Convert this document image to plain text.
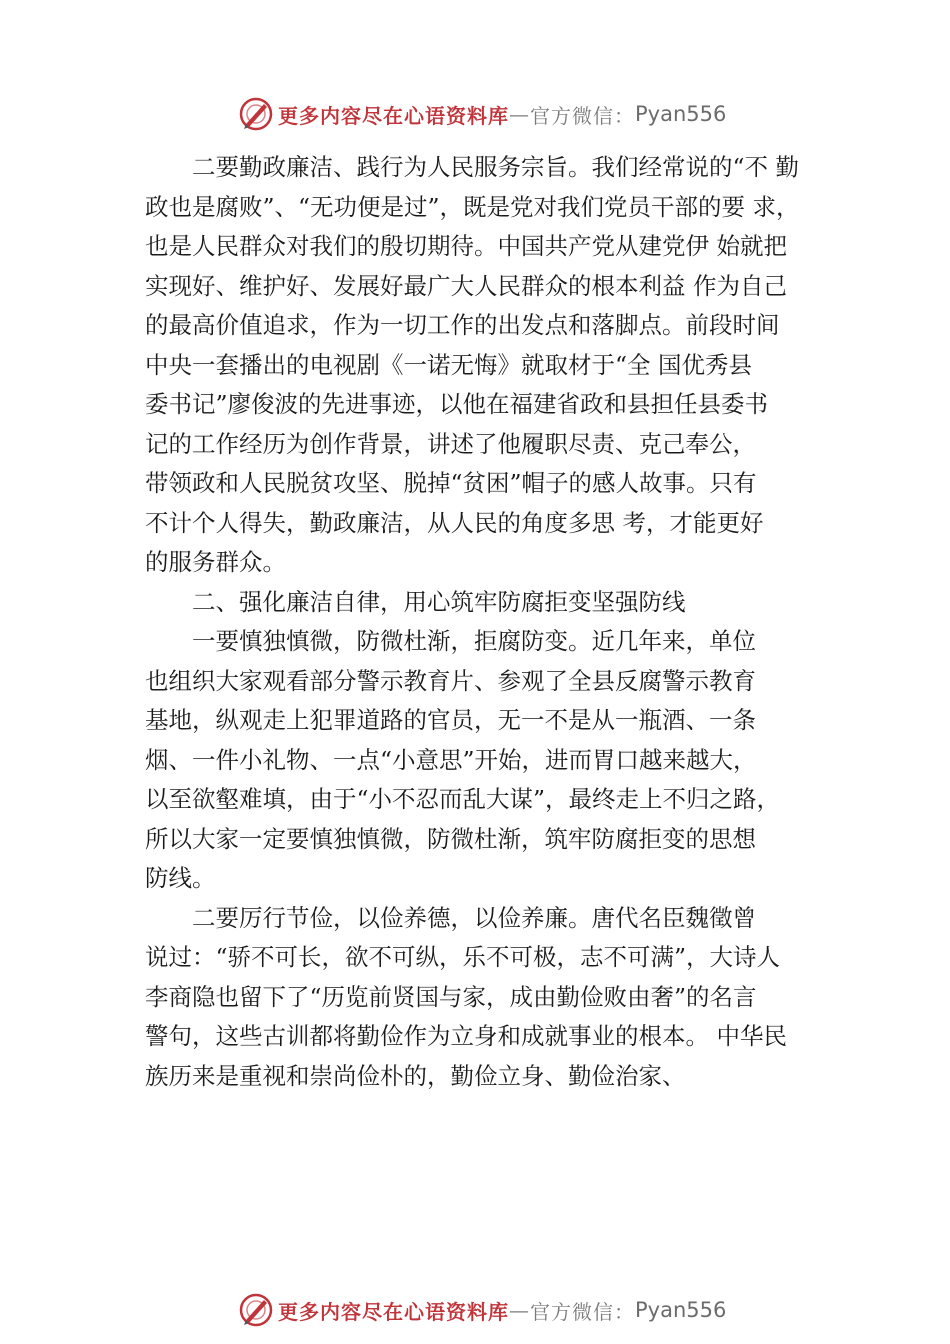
更多内容尽在心语资料库 — 官方微信： Pyan556
　　二要勤政廉洁、践行为人民服务宗旨。我们经常说的“不 勤
政也是腐败”、“无功便是过”，既是党对我们党员干部的要 求，
也是人民群众对我们的殷切期待。中国共产党从建党伊 始就把
实现好、维护好、发展好最广大人民群众的根本利益 作为自己
的最高价值追求，作为一切工作的出发点和落脚点。前段时间
中央一套播出的电视剧《一诺无悔》就取材于“全 国优秀县
委书记”廖俊波的先进事迹，以他在福建省政和县担任县委书
记的工作经历为创作背景，讲述了他履职尽责、克己奉公，
带领政和人民脱贫攻坚、脱掉“贫困”帽子的感人故事。只有
不计个人得失，勤政廉洁，从人民的角度多思 考，才能更好
的服务群众。
　　二、强化廉洁自律，用心筑牢防腐拒变坚强防线
　　一要慎独慎微，防微杜渐，拒腐防变。近几年来，单位
也组织大家观看部分警示教育片、参观了全县反腐警示教育
基地，纵观走上犯罪道路的官员，无一不是从一瓶酒、一条
烟、一件小礼物、一点“小意思”开始，进而胃口越来越大，
以至欲壑难填，由于“小不忍而乱大谋”，最终走上不归之路，
所以大家一定要慎独慎微，防微杜渐，筑牢防腐拒变的思想
防线。
　　二要厉行节俭，以俭养德，以俭养廉。唐代名臣魏徵曾
说过：“骄不可长，欲不可纵，乐不可极，志不可满”，大诗人
李商隐也留下了“历览前贤国与家，成由勤俭败由奢”的名言
警句，这些古训都将勤俭作为立身和成就事业的根本。 中华民
族历来是重视和崇尚俭朴的，勤俭立身、勤俭治家、
更多内容尽在心语资料库 — 官方微信： Pyan556
